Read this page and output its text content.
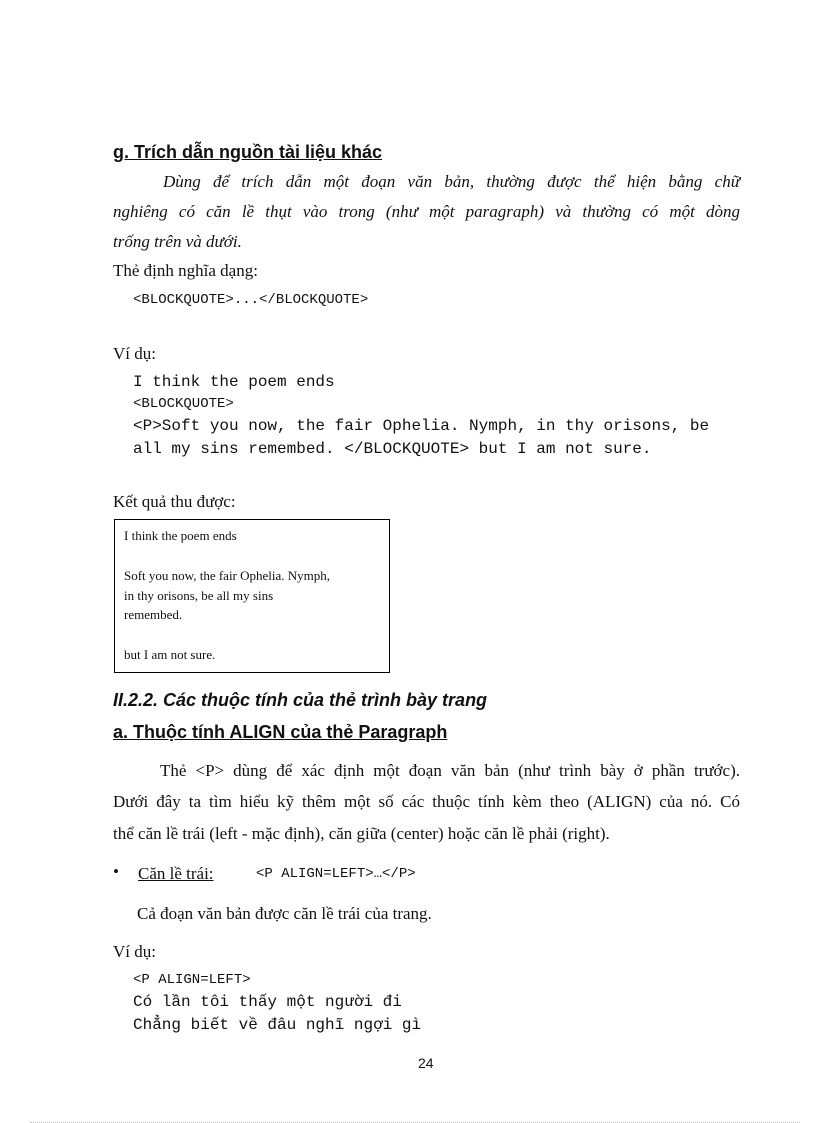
g. Trích dẫn nguồn tài liệu khác
Dùng để trích dẫn một đoạn văn bản, thường được thể hiện bằng chữ
nghiêng có căn lề thụt vào trong (như một paragraph) và thường có một dòng
trống trên và dưới.
Thẻ định nghĩa dạng:
<BLOCKQUOTE>...</BLOCKQUOTE>
Ví dụ:
I think the poem ends
<BLOCKQUOTE>
<P>Soft you now, the fair Ophelia. Nymph, in thy orisons, be
all my sins remembed. </BLOCKQUOTE> but I am not sure.
Kết quả thu được:
I think the poem ends
Soft you now, the fair Ophelia. Nymph,
in thy orisons, be all my sins
remembed.
but I am not sure.
II.2.2. Các thuộc tính của thẻ trình bày trang
a. Thuộc tính ALIGN của thẻ Paragraph
Thẻ <P> dùng để xác định một đoạn văn bản (như trình bày ở phần trước).
Dưới đây ta tìm hiểu kỹ thêm một số các thuộc tính kèm theo (ALIGN) của nó. Có
thể căn lề trái (left - mặc định), căn giữa (center) hoặc căn lề phải (right).
• Căn lề trái:	<P ALIGN=LEFT>…</P>
Cả đoạn văn bản được căn lề trái của trang.
Ví dụ:
<P ALIGN=LEFT>
Có lần tôi thấy một người đi
Chẳng biết về đâu nghĩ ngợi gì
24
